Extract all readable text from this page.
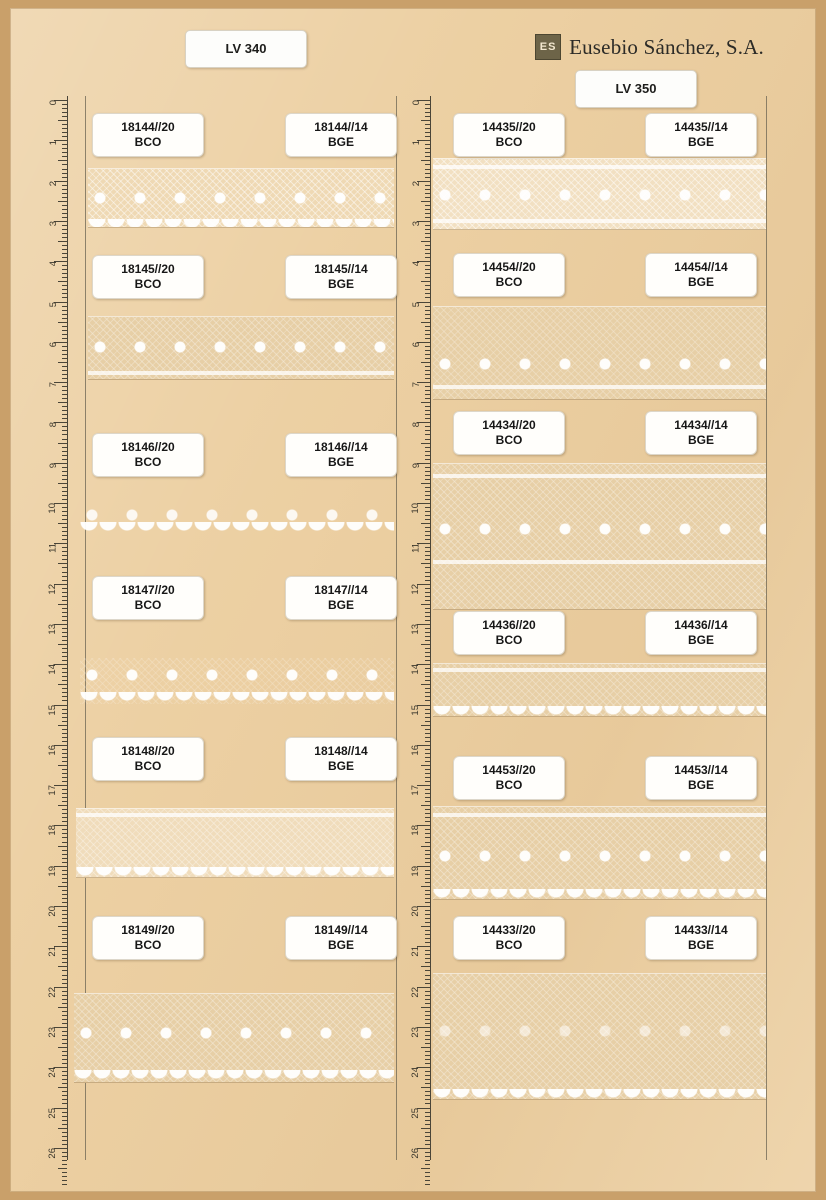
ES Eusebio Sánchez, S.A.
LV 340
LV 350
0
1
2
3
4
5
6
7
8
9
10
11
12
13
14
15
16
17
18
19
20
21
22
23
24
25
26
0
1
2
3
4
5
6
7
8
9
10
11
12
13
14
15
16
17
18
19
20
21
22
23
24
25
26
18144//20
BCO
18144//14
BGE
18145//20
BCO
18145//14
BGE
18146//20
BCO
18146//14
BGE
18147//20
BCO
18147//14
BGE
18148//20
BCO
18148//14
BGE
18149//20
BCO
18149//14
BGE
14435//20
BCO
14435//14
BGE
14454//20
BCO
14454//14
BGE
14434//20
BCO
14434//14
BGE
14436//20
BCO
14436//14
BGE
14453//20
BCO
14453//14
BGE
14433//20
BCO
14433//14
BGE
